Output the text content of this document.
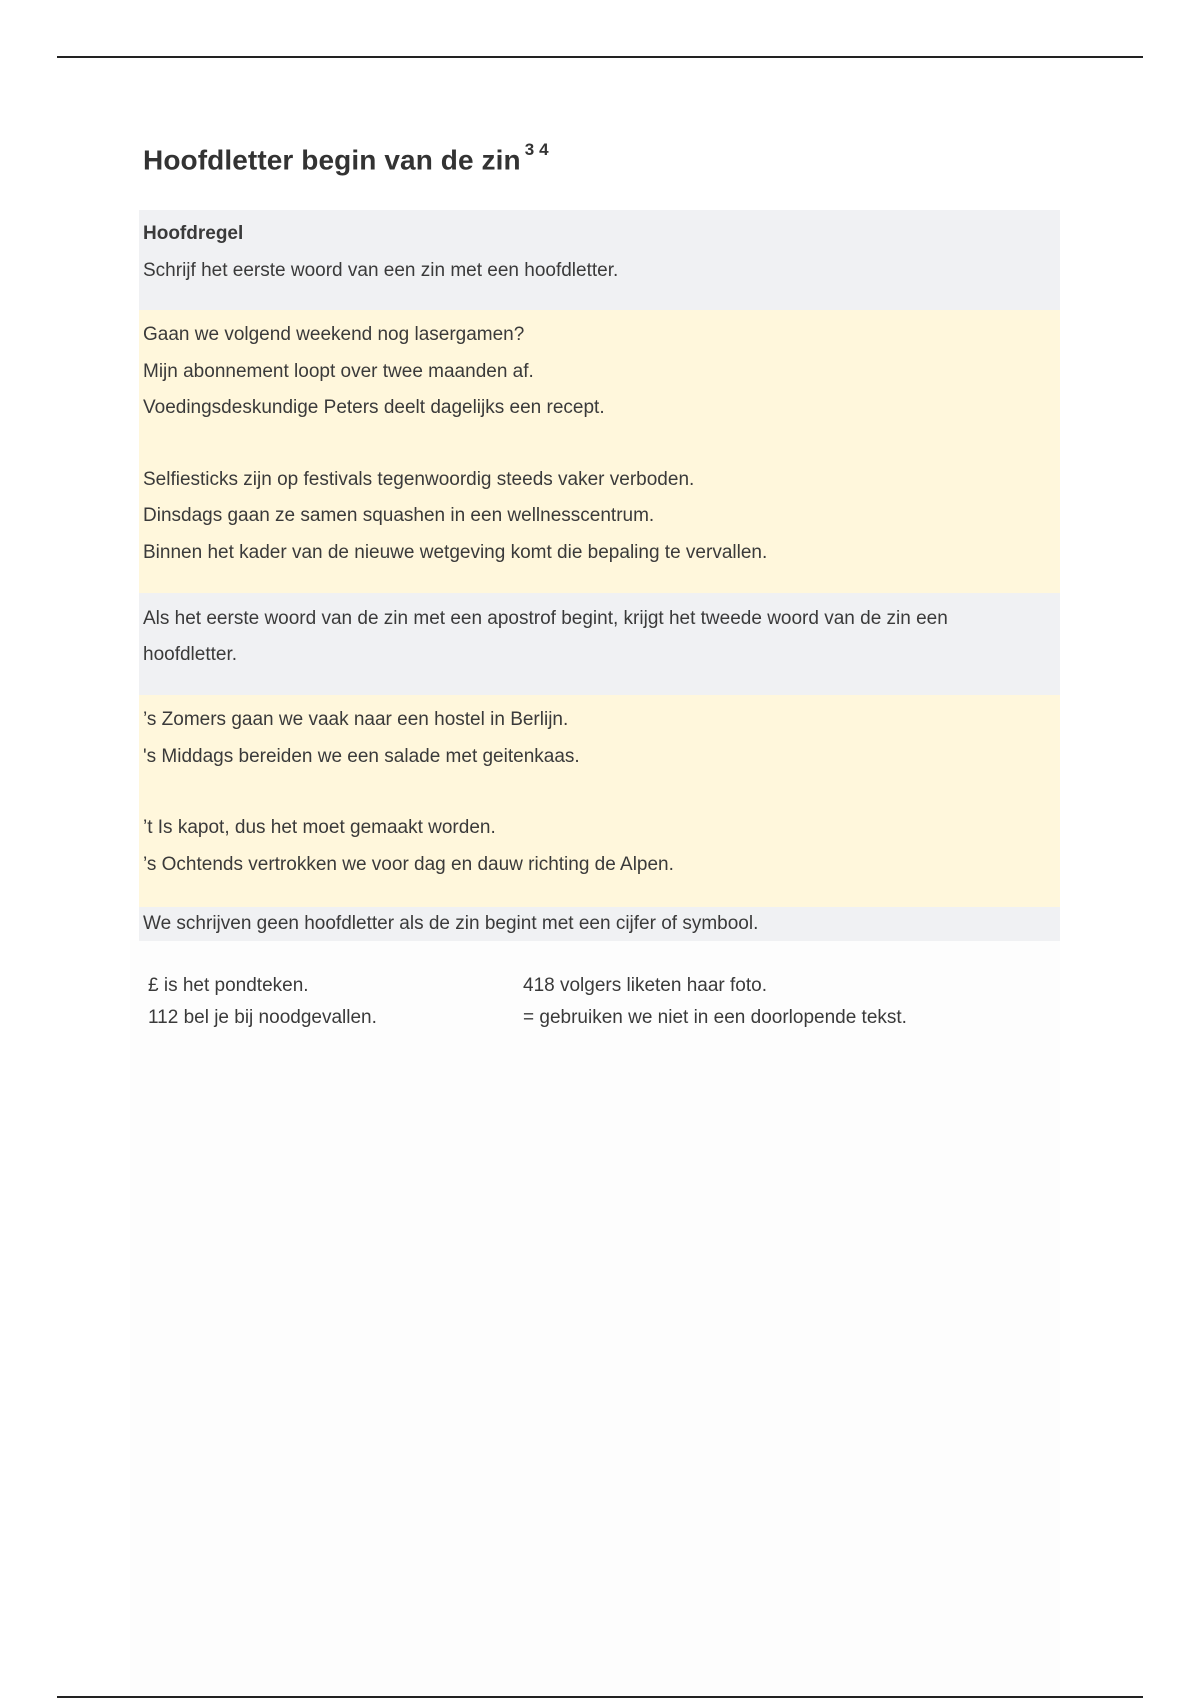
Hoofdletter begin van de zin $^{3 4}$
Hoofdregel
Schrijf het eerste woord van een zin met een hoofdletter.
Gaan we volgend weekend nog lasergamen?
Mijn abonnement loopt over twee maanden af.
Voedingsdeskundige Peters deelt dagelijks een recept.
Selfiesticks zijn op festivals tegenwoordig steeds vaker verboden.
Dinsdags gaan ze samen squashen in een wellnesscentrum.
Binnen het kader van de nieuwe wetgeving komt die bepaling te vervallen.
Als het eerste woord van de zin met een apostrof begint, krijgt het tweede woord van de zin een hoofdletter.
’s Zomers gaan we vaak naar een hostel in Berlijn.
's Middags bereiden we een salade met geitenkaas.
’t Is kapot, dus het moet gemaakt worden.
’s Ochtends vertrokken we voor dag en dauw richting de Alpen.
We schrijven geen hoofdletter als de zin begint met een cijfer of symbool.
£ is het pondteken.
112 bel je bij noodgevallen.
418 volgers liketen haar foto.
= gebruiken we niet in een doorlopende tekst.
